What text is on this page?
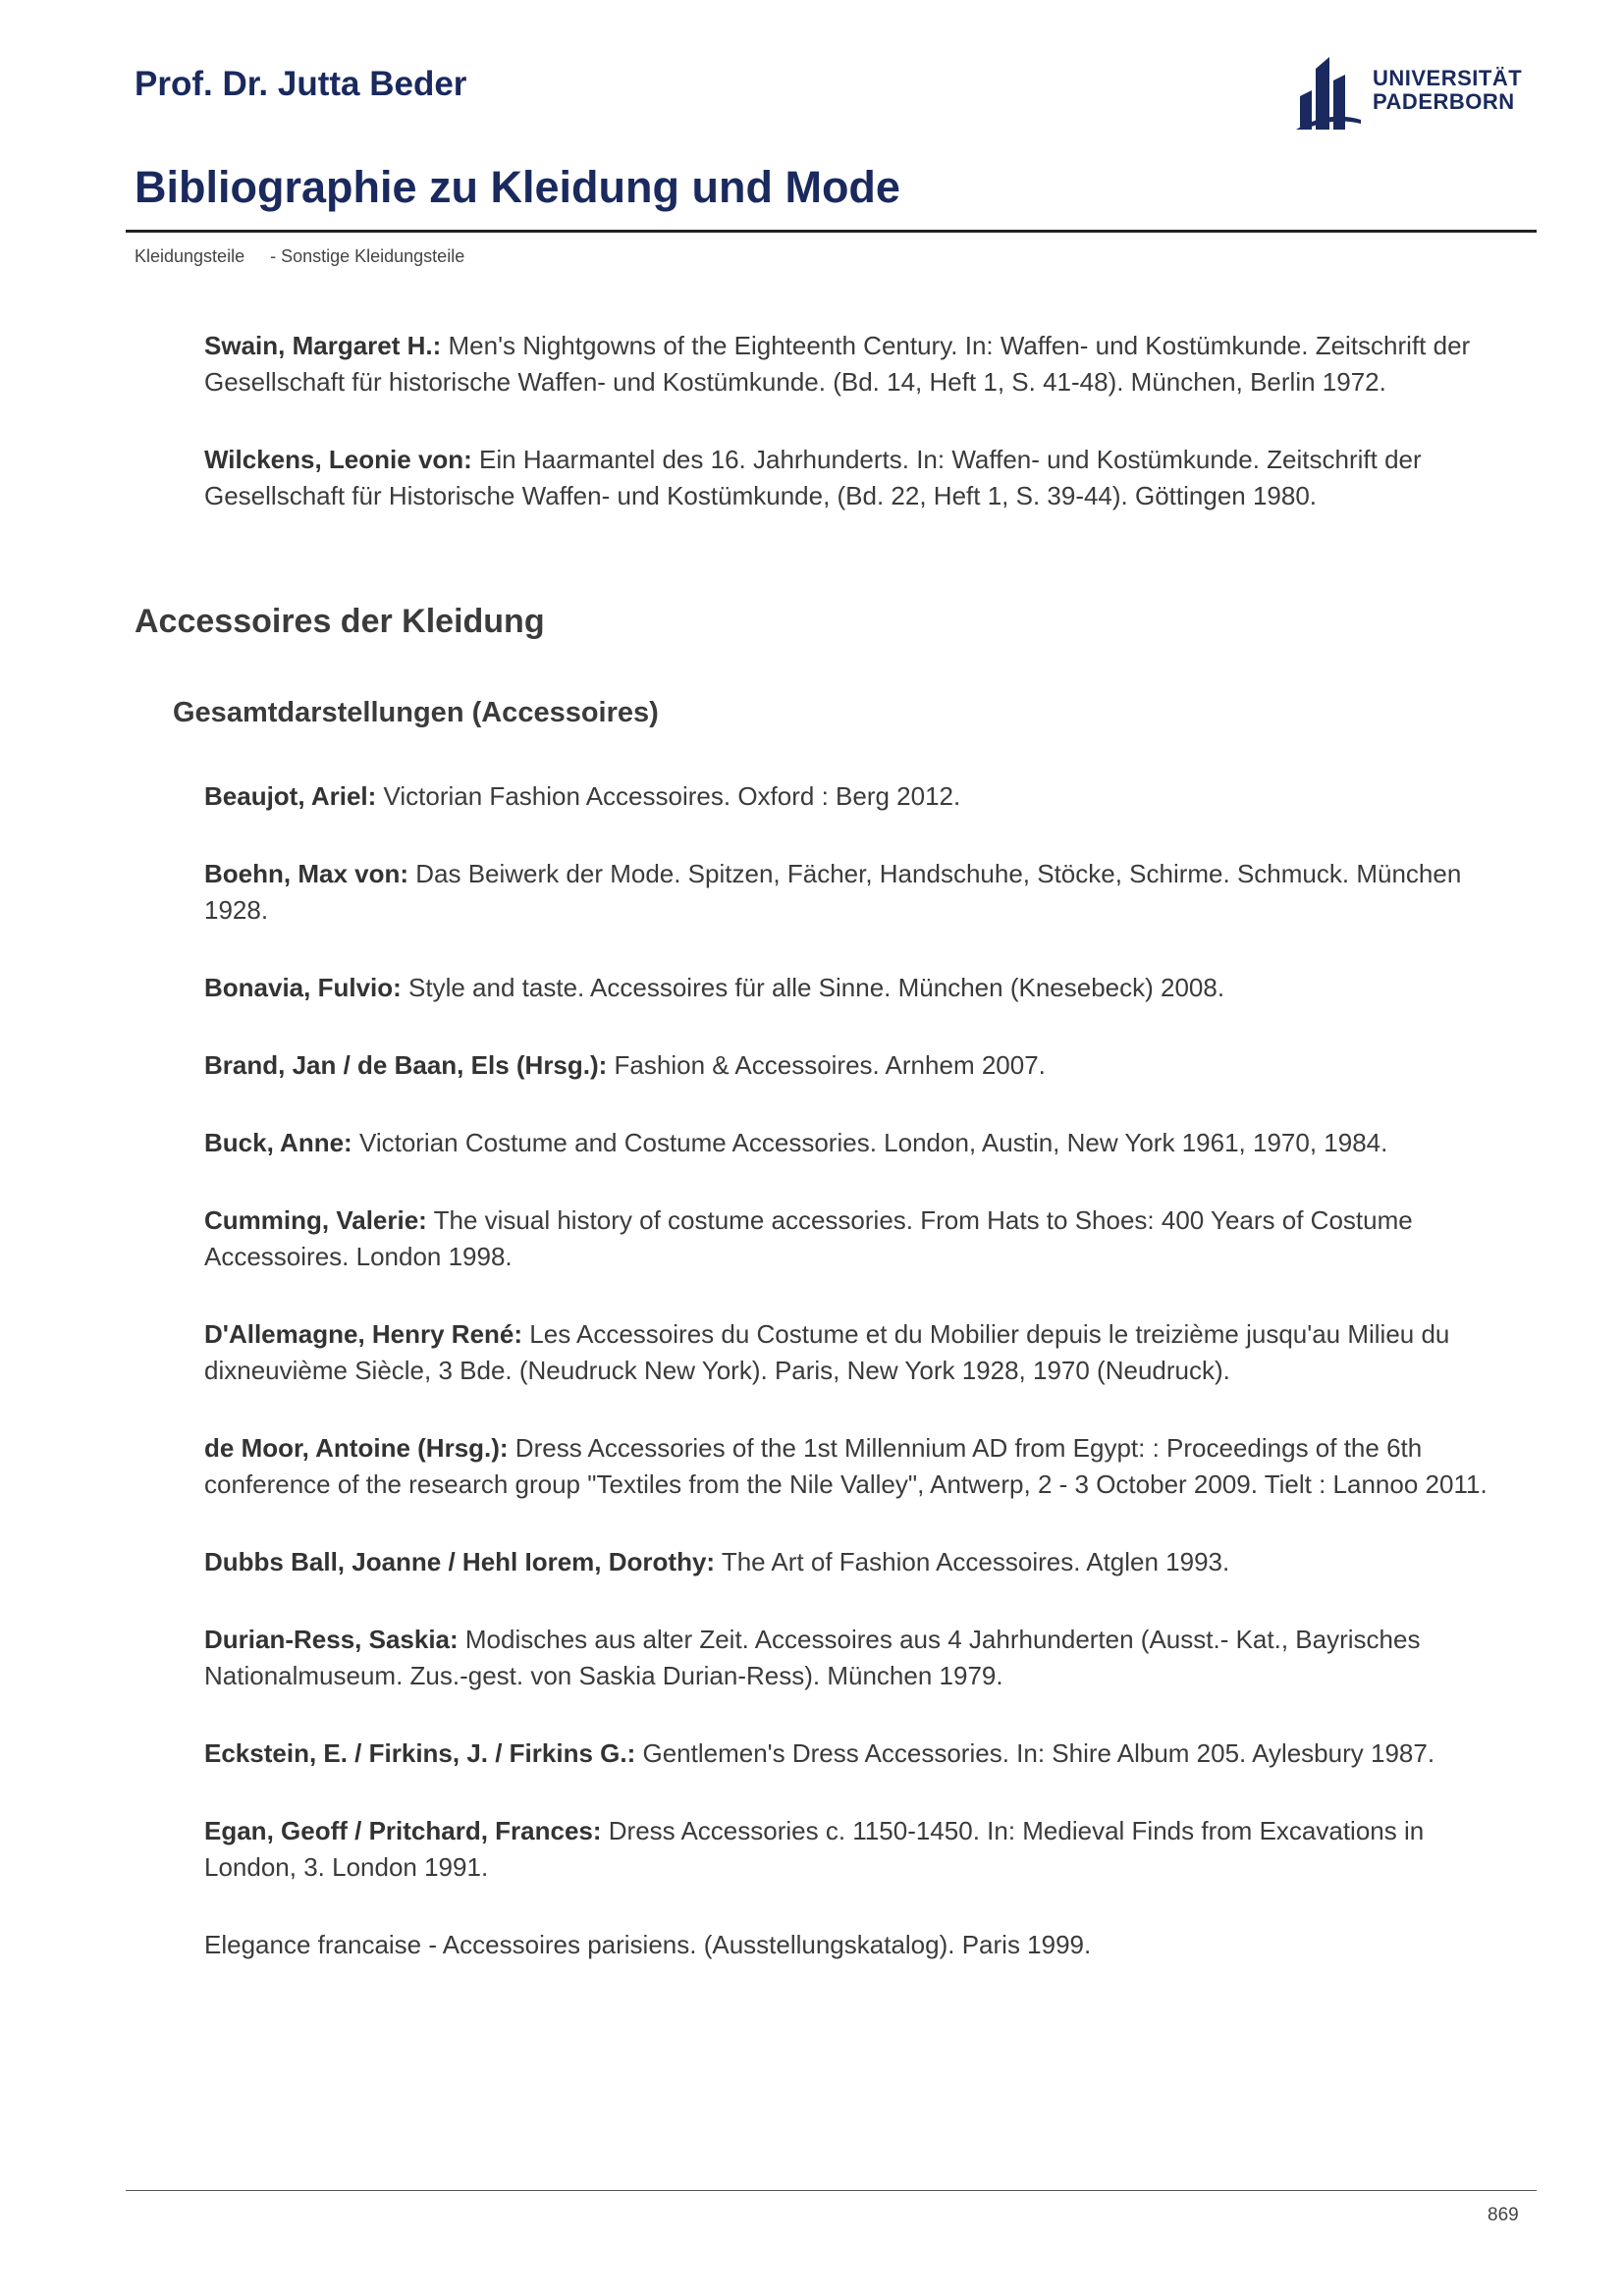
Prof. Dr. Jutta Beder	UNIVERSITÄT
PADERBORN
Bibliographie zu Kleidung und Mode
Kleidungsteile - Sonstige Kleidungsteile

Swain, Margaret H.: Men's Nightgowns of the Eighteenth Century. In: Waffen- und Kostümkunde. Zeitschrift der Gesellschaft für historische Waffen- und Kostümkunde. (Bd. 14, Heft 1, S. 41-48). München, Berlin 1972.

Wilckens, Leonie von: Ein Haarmantel des 16. Jahrhunderts. In: Waffen- und Kostümkunde. Zeitschrift der Gesellschaft für Historische Waffen- und Kostümkunde, (Bd. 22, Heft 1, S. 39-44). Göttingen 1980.

Accessoires der Kleidung
Gesamtdarstellungen (Accessoires)

Beaujot, Ariel: Victorian Fashion Accessoires. Oxford : Berg 2012.

Boehn, Max von: Das Beiwerk der Mode. Spitzen, Fächer, Handschuhe, Stöcke, Schirme. Schmuck. München 1928.

Bonavia, Fulvio: Style and taste. Accessoires für alle Sinne. München (Knesebeck) 2008.

Brand, Jan / de Baan, Els (Hrsg.): Fashion & Accessoires. Arnhem 2007.

Buck, Anne: Victorian Costume and Costume Accessories. London, Austin, New York 1961, 1970, 1984.

Cumming, Valerie: The visual history of costume accessories. From Hats to Shoes: 400 Years of Costume Accessoires. London 1998.

D'Allemagne, Henry René: Les Accessoires du Costume et du Mobilier depuis le treizième jusqu'au Milieu du dixneuvième Siècle, 3 Bde. (Neudruck New York). Paris, New York 1928, 1970 (Neudruck).

de Moor, Antoine (Hrsg.): Dress Accessories of the 1st Millennium AD from Egypt: : Proceedings of the 6th conference of the research group "Textiles from the Nile Valley", Antwerp, 2 - 3 October 2009. Tielt : Lannoo 2011.

Dubbs Ball, Joanne / Hehl Iorem, Dorothy: The Art of Fashion Accessoires. Atglen 1993.

Durian-Ress, Saskia: Modisches aus alter Zeit. Accessoires aus 4 Jahrhunderten (Ausst.- Kat., Bayrisches Nationalmuseum. Zus.-gest. von Saskia Durian-Ress). München 1979.

Eckstein, E. / Firkins, J. / Firkins G.: Gentlemen's Dress Accessories. In: Shire Album 205. Aylesbury 1987.

Egan, Geoff / Pritchard, Frances: Dress Accessories c. 1150-1450. In: Medieval Finds from Excavations in London, 3. London 1991.

Elegance francaise - Accessoires parisiens. (Ausstellungskatalog). Paris 1999.

869
